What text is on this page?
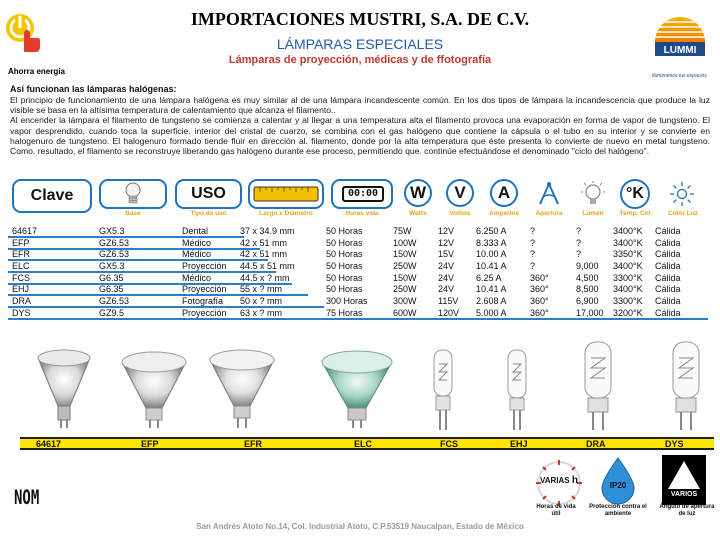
Ahorra energía
IMPORTACIONES MUSTRI, S.A. DE C.V.
LÁMPARAS ESPECIALES
Lámparas de proyección, médicas y de ffotografía
LUMMI
Iluminamos tus espacios
Así funcionan las lámparas halógenas:

El principio de funcionamiento de una lámpara halógena es muy similar al de una lámpara incandescente común. En los dos tipos de lámpara la incandescencia que produce la luz visible se basa en la altísima temperatura de calentamiento que alcanza el filamento..

Al encender la lámpara el filamento de tungsteno se comienza a calentar y al llegar a una temperatura alta el filamento provoca una evaporación en forma de vapor de tungsteno. El vapor desprendido, cuando toca la superficie. interior del cristal de cuarzo, se combina con el gas halógeno que contiene la cápsula o el tubo en su interior y se convierte en halogenuro de tungsteno. El halogenuro formado tiende fluir en dirección al. filamento, donde por la alta temperatura que éste presenta lo convierte de nuevo en metal tungsteno. Como. resultado, el filamento se reconstruye liberando gas halógeno durante ese proceso, permitiendo que. continúe efectuándose el denominado "ciclo del halógeno".

Clave
Base
USO
Tipo de uso	Largo x Diámetro
00:00
Horas vida
W
Watts
V
Voltios
A
Amperios	Apertura	Lumen
°K
Temp. Col.	Color Luz
64617	GX5.3	Dental	37 x 34.9 mm	50 Horas	75W	12V 6.250 A	?	?	3400°K Cálida
EFP	GZ6.53	Médico	42 x 51 mm	50 Horas	100W 12V 8.333 A	?	?	3400°K Cálida
EFR	GZ6.53	Médico	42 x 51 mm	50 Horas	150W 15V 10.00 A	?	?	3350°K Cálida
ELC	GX5.3	Proyección 44.5 x 51 mm	50 Horas	250W 24V 10.41 A	?	9,000 3400°K Cálida
FCS	G6.35	Médico	44.5 x ? mm	50 Horas	150W 24V 6.25 A	360°	4,500 3300°K Cálida
EHJ	G6.35	Proyección 55 x ? mm	50 Horas	250W 24V 10.41 A	360°	8,500 3400°K Cálida
DRA	GZ6.53	Fotografía 50 x ? mm	300 Horas	300W 115V 2.608 A	360°	6,900 3300°K Cálida
DYS	GZ9.5	Proyección 63 x ? mm	75 Horas	600W 120V 5.000 A	360°	17,000 3200°K Cálida
64617	EFP	EFR	ELC	FCS	EHJ	DRA	DYS
NOM
VARIAS h
Horas de vida útil
IP20
Protección contra el ambiente
VARIOS
Ángulo de apertura de luz
San Andrés Atoto No.14, Col. Industrial Atoto, C.P.53519 Naucalpan, Estado de México
